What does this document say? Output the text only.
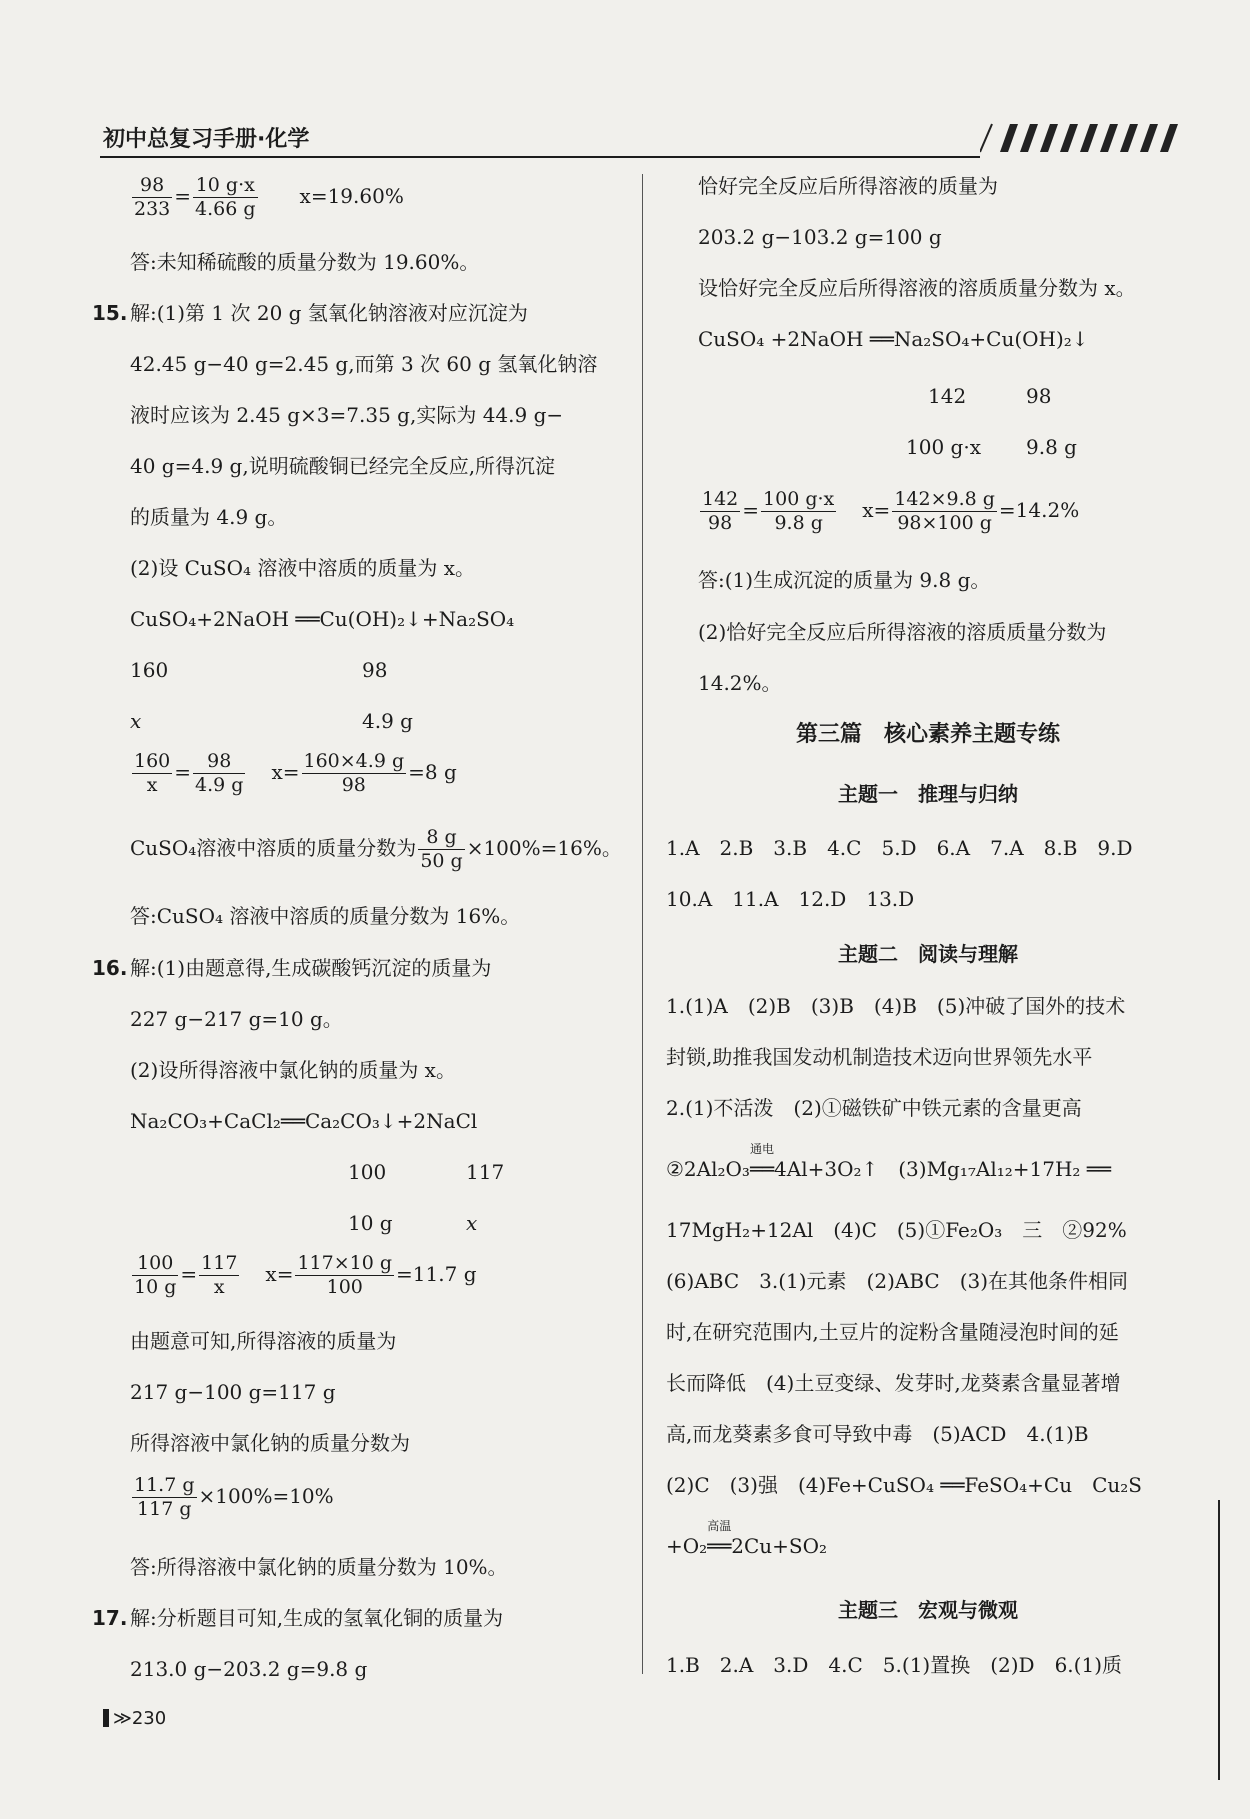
初中总复习手册·化学
$\frac{98}{233} = \frac{10 g\cdot x}{4.66 g} x=19.60\%$
答:未知稀硫酸的质量分数为 19.60%。
15. 解:(1)第 1 次 20 g 氢氧化钠溶液对应沉淀为
42.45 g−40 g=2.45 g,而第 3 次 60 g 氢氧化钠溶
液时应该为 2.45 g×3=7.35 g,实际为 44.9 g−
40 g=4.9 g,说明硫酸铜已经完全反应,所得沉淀
的质量为 4.9 g。
(2)设 CuSO₄ 溶液中溶质的质量为 x。
CuSO₄+2NaOH ══Cu(OH)₂↓+Na₂SO₄
160	98
x	4.9 g
$\frac{160}{x} = \frac{98}{4.9 g} x= \frac{160\times 4.9 g}{98} =8$ g
CuSO₄溶液中溶质的质量分数为 $\frac{8 g}{50 g} \times 100\%=16\%$。
答:CuSO₄ 溶液中溶质的质量分数为 16%。
16. 解:(1)由题意得,生成碳酸钙沉淀的质量为
227 g−217 g=10 g。
(2)设所得溶液中氯化钠的质量为 x。
Na₂CO₃+CaCl₂══Ca₂CO₃↓+2NaCl
100	117
10 g	x
$\frac{100}{10 g} = \frac{117}{x} x= \frac{117\times 10 g}{100} =11.7$ g
由题意可知,所得溶液的质量为
217 g−100 g=117 g
所得溶液中氯化钠的质量分数为
$\frac{11.7 g}{117 g} \times 100\%=10\%$
答:所得溶液中氯化钠的质量分数为 10%。
17. 解:分析题目可知,生成的氢氧化铜的质量为
213.0 g−203.2 g=9.8 g
恰好完全反应后所得溶液的质量为
203.2 g−103.2 g=100 g
设恰好完全反应后所得溶液的溶质质量分数为 x。
CuSO₄ +2NaOH ══Na₂SO₄+Cu(OH)₂↓
142	98
100 g·x 9.8 g
$\frac{142}{98} = \frac{100 g\cdot x}{9.8 g} x= \frac{142\times 9.8 g}{98\times 100 g} =14.2\%$
答:(1)生成沉淀的质量为 9.8 g。
(2)恰好完全反应后所得溶液的溶质质量分数为
14.2%。
第三篇　核心素养主题专练
主题一　推理与归纳
1.A　2.B　3.B　4.C　5.D　6.A　7.A　8.B　9.D
10.A　11.A　12.D　13.D
主题二　阅读与理解
1.(1)A　(2)B　(3)B　(4)B　(5)冲破了国外的技术
封锁,助推我国发动机制造技术迈向世界领先水平
2.(1)不活泼　(2)①磁铁矿中铁元素的含量更高
②2Al₂O₃
通电
══4Al+3O₂↑　(3)Mg₁₇Al₁₂+17H₂ ══
17MgH₂+12Al　(4)C　(5)①Fe₂O₃　三　②92%
(6)ABC　3.(1)元素　(2)ABC　(3)在其他条件相同
时,在研究范围内,土豆片的淀粉含量随浸泡时间的延
长而降低　(4)土豆变绿、发芽时,龙葵素含量显著增
高,而龙葵素多食可导致中毒　(5)ACD　4.(1)B
(2)C　(3)强　(4)Fe+CuSO₄ ══FeSO₄+Cu　Cu₂S
+O₂
高温
══2Cu+SO₂
主题三　宏观与微观
1.B　2.A　3.D　4.C　5.(1)置换　(2)D　6.(1)质
≫230
